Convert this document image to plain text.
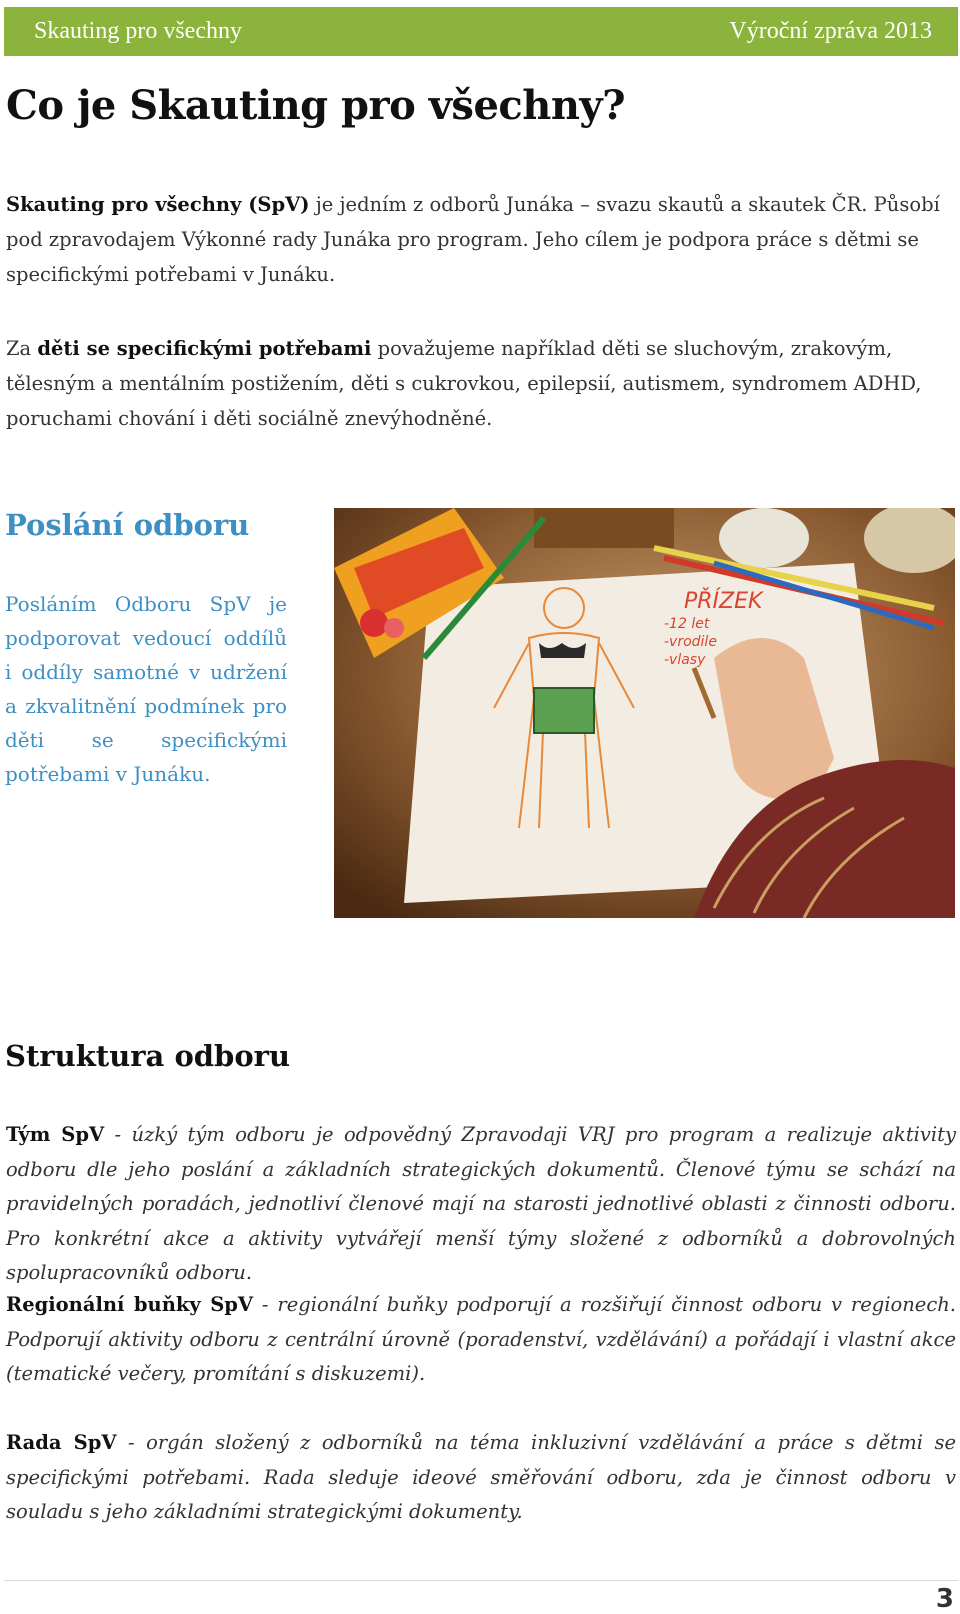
Skauting pro všechny	Výroční zpráva 2013
Co je Skauting pro všechny?

Skauting pro všechny (SpV) je jedním z odborů Junáka – svazu skautů a skautek ČR. Působí pod zpravodajem Výkonné rady Junáka pro program. Jeho cílem je podpora práce s dětmi se specifickými potřebami v Junáku.

Za děti se specifickými potřebami považujeme například děti se sluchovým, zrakovým, tělesným a mentálním postižením, děti s cukrovkou, epilepsií, autismem, syndromem ADHD, poruchami chování i děti sociálně znevýhodněné.

Poslání odboru

Posláním Odboru SpV je podporovat vedoucí oddílů i oddíly samotné v udržení a zkvalitnění podmínek pro děti se specifickými potřebami v Junáku.

PŘÍZEK
-12 let
-vrodile
-vlasy
Struktura odboru

Tým SpV - úzký tým odboru je odpovědný Zpravodaji VRJ pro program a realizuje aktivity odboru dle jeho poslání a základních strategických dokumentů. Členové týmu se schází na pravidelných poradách, jednotliví členové mají na starosti jednotlivé oblasti z činnosti odboru. Pro konkrétní akce a aktivity vytvářejí menší týmy složené z odborníků a dobrovolných spolupracovníků odboru.

Regionální buňky SpV - regionální buňky podporují a rozšiřují činnost odboru v regionech. Podporují aktivity odboru z centrální úrovně (poradenství, vzdělávání) a pořádají i vlastní akce (tematické večery, promítání s diskuzemi).

Rada SpV - orgán složený z odborníků na téma inkluzivní vzdělávání a práce s dětmi se specifickými potřebami. Rada sleduje ideové směřování odboru, zda je činnost odboru v souladu s jeho základními strategickými dokumenty.

3
